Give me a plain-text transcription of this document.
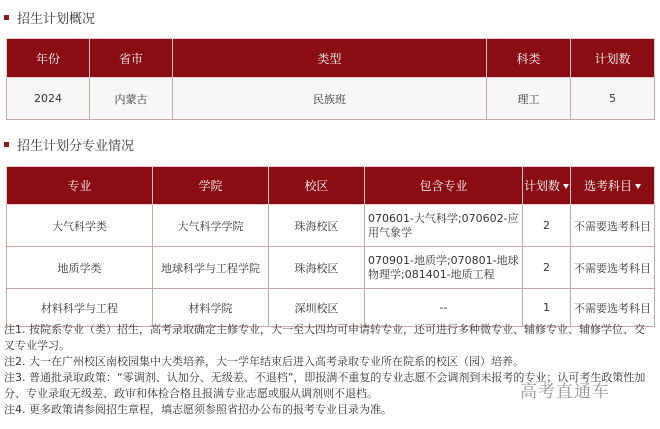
招生计划概况
年份	省市	类型	科类	计划数
2024	内蒙古	民族班	理工	5
招生计划分专业情况
专业	学院	校区	包含专业	计划数	选考科目
大气科学类	大气科学学院	珠海校区	070601-大气科学;070602-应用气象学	2	不需要选考科目
地质学类	地球科学与工程学院	珠海校区	070901-地质学;070801-地球物理学;081401-地质工程	2	不需要选考科目
材料科学与工程	材料学院	深圳校区	--	1	不需要选考科目
注1. 按院系专业（类）招生，高考录取确定主修专业，大一至大四均可申请转专业，还可进行多种微专业、辅修专业、辅修学位、交叉专业学习。
注2. 大一在广州校区南校园集中大类培养，大一学年结束后进入高考录取专业所在院系的校区（园）培养。
注3. 普通批录取政策：“零调剂、认加分、无级差、不退档”，即报满不重复的专业志愿不会调剂到未报考的专业；认可考生政策性加分、专业录取无级差、政审和体检合格且报满专业志愿或服从调剂则不退档。
注4. 更多政策请参阅招生章程，填志愿须参照省招办公布的报考专业目录为准。
高考直通车
